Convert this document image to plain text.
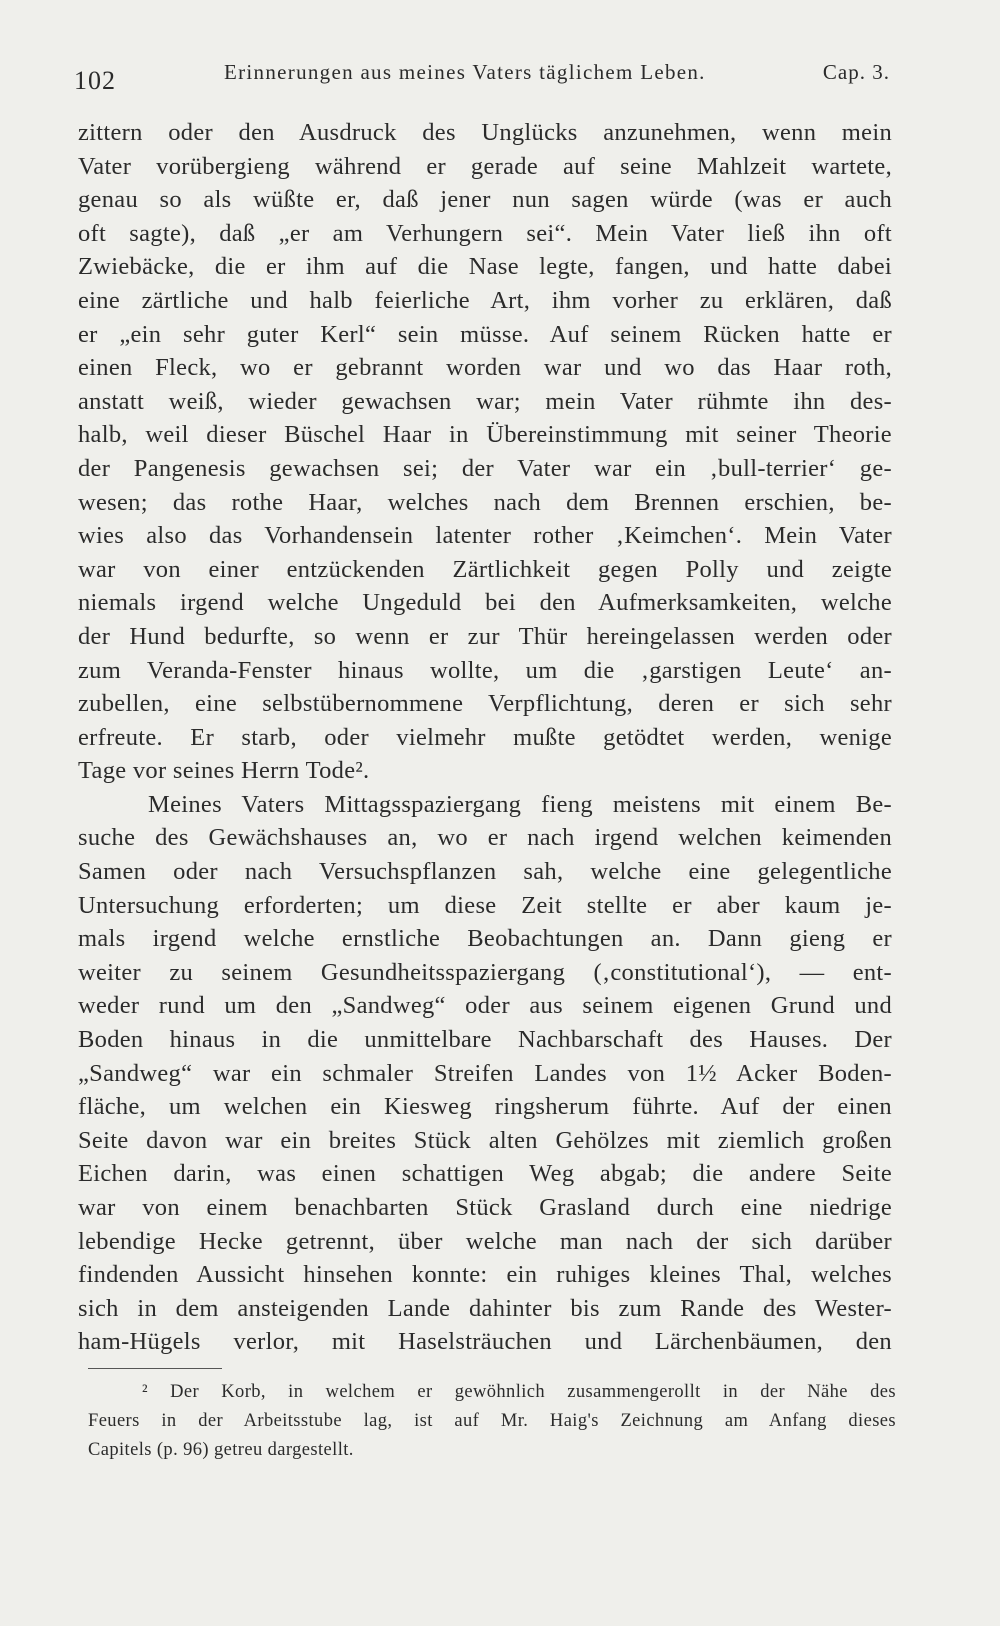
102	Erinnerungen aus meines Vaters täglichem Leben.	Cap. 3.
zittern oder den Ausdruck des Unglücks anzunehmen, wenn mein
Vater vorübergieng während er gerade auf seine Mahlzeit wartete,
genau so als wüßte er, daß jener nun sagen würde (was er auch
oft sagte), daß „er am Verhungern sei“. Mein Vater ließ ihn oft
Zwiebäcke, die er ihm auf die Nase legte, fangen, und hatte dabei
eine zärtliche und halb feierliche Art, ihm vorher zu erklären, daß
er „ein sehr guter Kerl“ sein müsse. Auf seinem Rücken hatte er
einen Fleck, wo er gebrannt worden war und wo das Haar roth,
anstatt weiß, wieder gewachsen war; mein Vater rühmte ihn des-
halb, weil dieser Büschel Haar in Übereinstimmung mit seiner Theorie
der Pangenesis gewachsen sei; der Vater war ein ‚bull-terrier‘ ge-
wesen; das rothe Haar, welches nach dem Brennen erschien, be-
wies also das Vorhandensein latenter rother ‚Keimchen‘. Mein Vater
war von einer entzückenden Zärtlichkeit gegen Polly und zeigte
niemals irgend welche Ungeduld bei den Aufmerksamkeiten, welche
der Hund bedurfte, so wenn er zur Thür hereingelassen werden oder
zum Veranda-Fenster hinaus wollte, um die ‚garstigen Leute‘ an-
zubellen, eine selbstübernommene Verpflichtung, deren er sich sehr
erfreute. Er starb, oder vielmehr mußte getödtet werden, wenige
Tage vor seines Herrn Tode².
Meines Vaters Mittagsspaziergang fieng meistens mit einem Be-
suche des Gewächshauses an, wo er nach irgend welchen keimenden
Samen oder nach Versuchspflanzen sah, welche eine gelegentliche
Untersuchung erforderten; um diese Zeit stellte er aber kaum je-
mals irgend welche ernstliche Beobachtungen an. Dann gieng er
weiter zu seinem Gesundheitsspaziergang (‚constitutional‘), — ent-
weder rund um den „Sandweg“ oder aus seinem eigenen Grund und
Boden hinaus in die unmittelbare Nachbarschaft des Hauses. Der
„Sandweg“ war ein schmaler Streifen Landes von 1½ Acker Boden-
fläche, um welchen ein Kiesweg ringsherum führte. Auf der einen
Seite davon war ein breites Stück alten Gehölzes mit ziemlich großen
Eichen darin, was einen schattigen Weg abgab; die andere Seite
war von einem benachbarten Stück Grasland durch eine niedrige
lebendige Hecke getrennt, über welche man nach der sich darüber
findenden Aussicht hinsehen konnte: ein ruhiges kleines Thal, welches
sich in dem ansteigenden Lande dahinter bis zum Rande des Wester-
ham-Hügels verlor, mit Haselsträuchen und Lärchenbäumen, den
² Der Korb, in welchem er gewöhnlich zusammengerollt in der Nähe des
Feuers in der Arbeitsstube lag, ist auf Mr. Haig's Zeichnung am Anfang dieses
Capitels (p. 96) getreu dargestellt.
